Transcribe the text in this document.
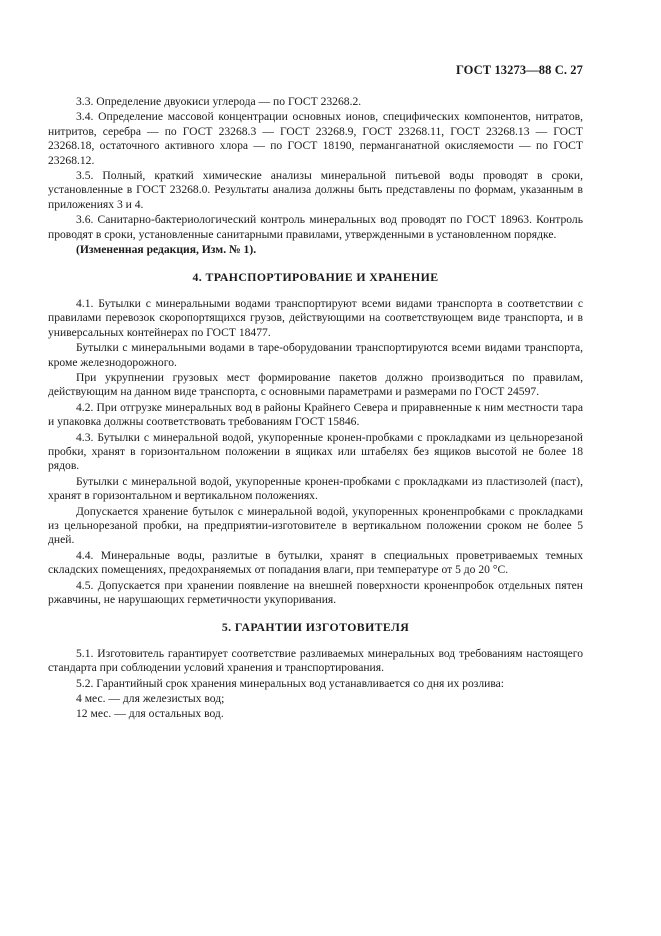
ГОСТ 13273—88 С. 27

3.3. Определение двуокиси углерода — по ГОСТ 23268.2.

3.4. Определение массовой концентрации основных ионов, специфических компонентов, нитратов, нитритов, серебра — по ГОСТ 23268.3 — ГОСТ 23268.9, ГОСТ 23268.11, ГОСТ 23268.13 — ГОСТ 23268.18, остаточного активного хлора — по ГОСТ 18190, перманганатной окисляемости — по ГОСТ 23268.12.

3.5. Полный, краткий химические анализы минеральной питьевой воды проводят в сроки, установленные в ГОСТ 23268.0. Результаты анализа должны быть представлены по формам, указанным в приложениях 3 и 4.

3.6. Санитарно-бактериологический контроль минеральных вод проводят по ГОСТ 18963. Контроль проводят в сроки, установленные санитарными правилами, утвержденными в установленном порядке.

(Измененная редакция, Изм. № 1).

4. ТРАНСПОРТИРОВАНИЕ И ХРАНЕНИЕ

4.1. Бутылки с минеральными водами транспортируют всеми видами транспорта в соответствии с правилами перевозок скоропортящихся грузов, действующими на соответствующем виде транспорта, и в универсальных контейнерах по ГОСТ 18477.

Бутылки с минеральными водами в таре-оборудовании транспортируются всеми видами транспорта, кроме железнодорожного.

При укрупнении грузовых мест формирование пакетов должно производиться по правилам, действующим на данном виде транспорта, с основными параметрами и размерами по ГОСТ 24597.

4.2. При отгрузке минеральных вод в районы Крайнего Севера и приравненные к ним местности тара и упаковка должны соответствовать требованиям ГОСТ 15846.

4.3. Бутылки с минеральной водой, укупоренные кронен-пробками с прокладками из цельнорезаной пробки, хранят в горизонтальном положении в ящиках или штабелях без ящиков высотой не более 18 рядов.

Бутылки с минеральной водой, укупоренные кронен-пробками с прокладками из пластизолей (паст), хранят в горизонтальном и вертикальном положениях.

Допускается хранение бутылок с минеральной водой, укупоренных кроненпробками с прокладками из цельнорезаной пробки, на предприятии-изготовителе в вертикальном положении сроком не более 5 дней.

4.4. Минеральные воды, разлитые в бутылки, хранят в специальных проветриваемых темных складских помещениях, предохраняемых от попадания влаги, при температуре от 5 до 20 °С.

4.5. Допускается при хранении появление на внешней поверхности кроненпробок отдельных пятен ржавчины, не нарушающих герметичности укупоривания.

5. ГАРАНТИИ ИЗГОТОВИТЕЛЯ

5.1. Изготовитель гарантирует соответствие разливаемых минеральных вод требованиям настоящего стандарта при соблюдении условий хранения и транспортирования.

5.2. Гарантийный срок хранения минеральных вод устанавливается со дня их розлива:

4 мес. — для железистых вод;

12 мес. — для остальных вод.
